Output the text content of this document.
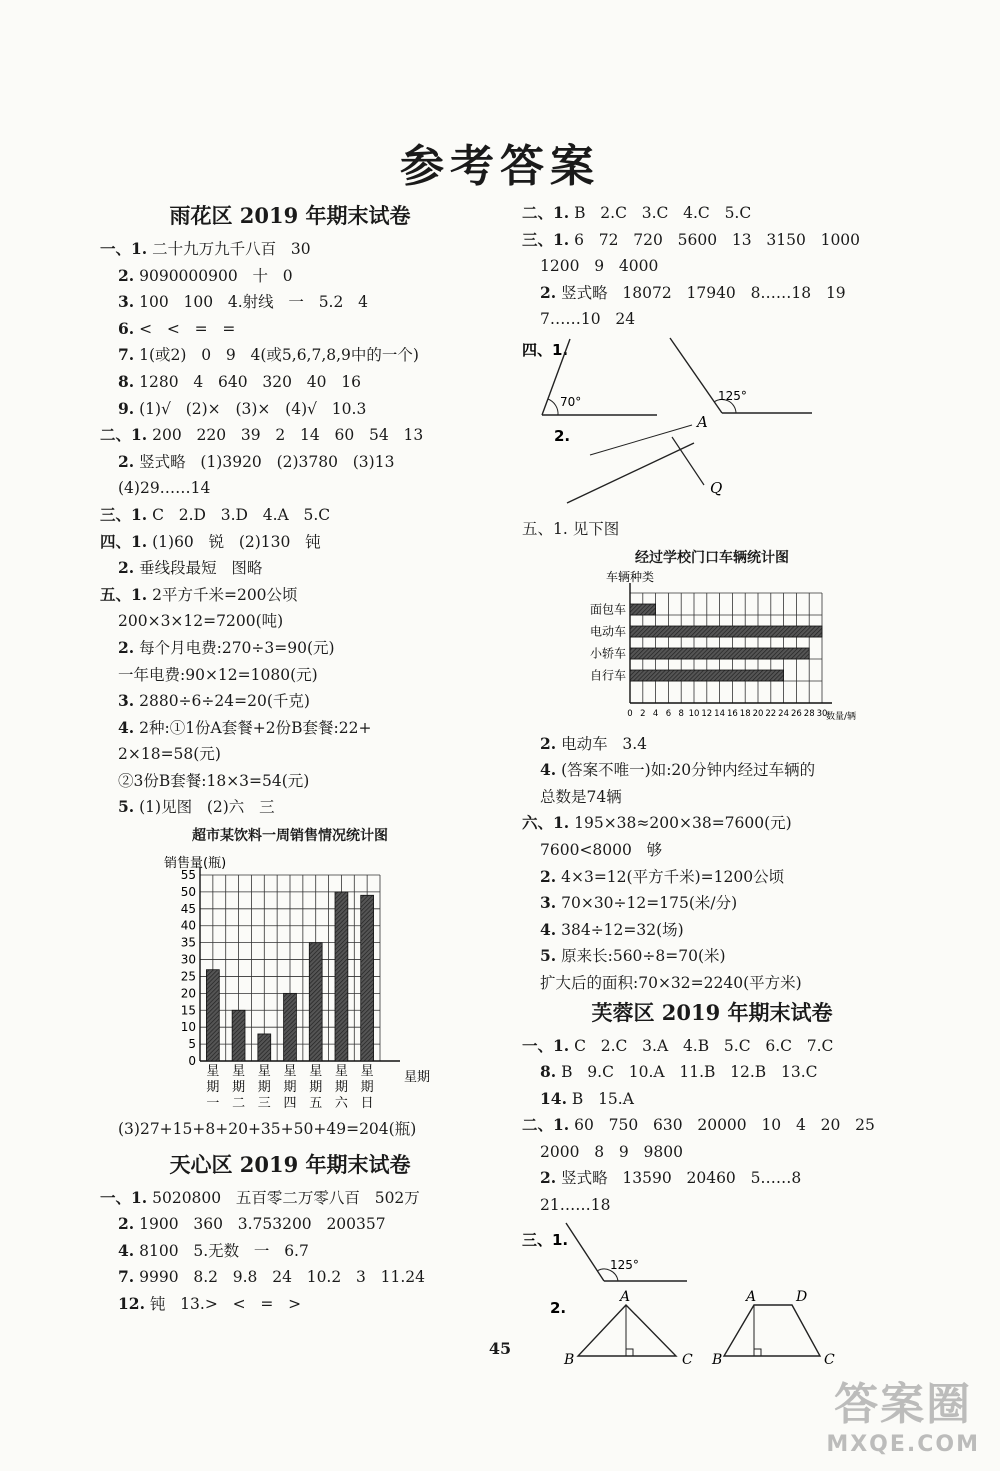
参考答案
雨花区 2019 年期末试卷
一、1. 二十九万九千八百   30
2. 9090000900   十   0
3. 100   100   4.射线   一   5.2   4
6. <   <   =   =
7. 1(或2)   0   9   4(或5,6,7,8,9中的一个)
8. 1280   4   640   320   40   16
9. (1)√   (2)×   (3)×   (4)√   10.3
二、1. 200   220   39   2   14   60   54   13
2. 竖式略   (1)3920   (2)3780   (3)13
(4)29……14
三、1. C   2.D   3.D   4.A   5.C
四、1. (1)60   锐   (2)130   钝
2. 垂线段最短   图略
五、1. 2平方千米=200公顷
200×3×12=7200(吨)
2. 每个月电费:270÷3=90(元)
一年电费:90×12=1080(元)
3. 2880÷6÷24=20(千克)
4. 2种:①1份A套餐+2份B套餐:22+
2×18=58(元)
②3份B套餐:18×3=54(元)
5. (1)见图   (2)六   三
超市某饮料一周销售情况统计图
销售量(瓶)
0
5
10
15
20
25
30
35
40
45
50
55
星期
星期一
星期二
星期三
星期四
星期五
星期六
星期日
(3)27+15+8+20+35+50+49=204(瓶)
天心区 2019 年期末试卷
一、1. 5020800   五百零二万零八百   502万
2. 1900   360   3.753200   200357
4. 8100   5.无数   一   6.7
7. 9990   8.2   9.8   24   10.2   3   11.24
12. 钝   13.>   <   =   >
二、1. B   2.C   3.C   4.C   5.C
三、1. 6   72   720   5600   13   3150   1000
1200   9   4000
2. 竖式略   18072   17940   8……18   19
7……10   24
四、1.
70°	125°
2.
A
Q
五、1. 见下图
经过学校门口车辆统计图
车辆种类
0 2 4 6 8 10 12 14 16 18 20 22 24 26 28 30
数量/辆
面包车
电动车
小轿车
自行车
2. 电动车   3.4
4. (答案不唯一)如:20分钟内经过车辆的
总数是74辆
六、1. 195×38≈200×38=7600(元)
7600<8000   够
2. 4×3=12(平方千米)=1200公顷
3. 70×30÷12=175(米/分)
4. 384÷12=32(场)
5. 原来长:560÷8=70(米)
扩大后的面积:70×32=2240(平方米)
芙蓉区 2019 年期末试卷
一、1. C   2.C   3.A   4.B   5.C   6.C   7.C
8. B   9.C   10.A   11.B   12.B   13.C
14. B   15.A
二、1. 60   750   630   20000   10   4   20   25
2000   8   9   9800
2. 竖式略   13590   20460   5……8
21……18
三、1.
125°
2.
A
B	C
A	D
B	C
45
答案圈
MXQE.COM
